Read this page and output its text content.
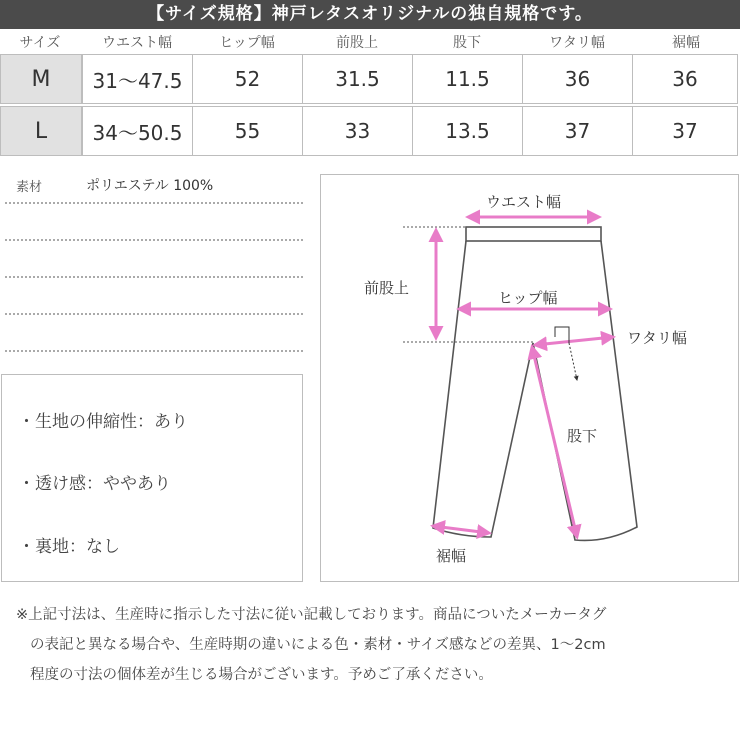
【サイズ規格】神戸レタスオリジナルの独自規格です。
サイズ	ウエスト幅	ヒップ幅	前股上	股下	ワタリ幅	裾幅
M	31〜47.5	52	31.5	11.5	36	36
L	34〜50.5	55	33	13.5	37	37
素材	ポリエステル 100%
・生地の伸縮性：あり
・透け感：ややあり
・裏地：なし
ウエスト幅
前股上
ヒップ幅
ワタリ幅
股下
裾幅
※上記寸法は、生産時に指示した寸法に従い記載しております。商品についたメーカータグ
の表記と異なる場合や、生産時期の違いによる色・素材・サイズ感などの差異、1〜2cm
程度の寸法の個体差が生じる場合がございます。予めご了承ください。
